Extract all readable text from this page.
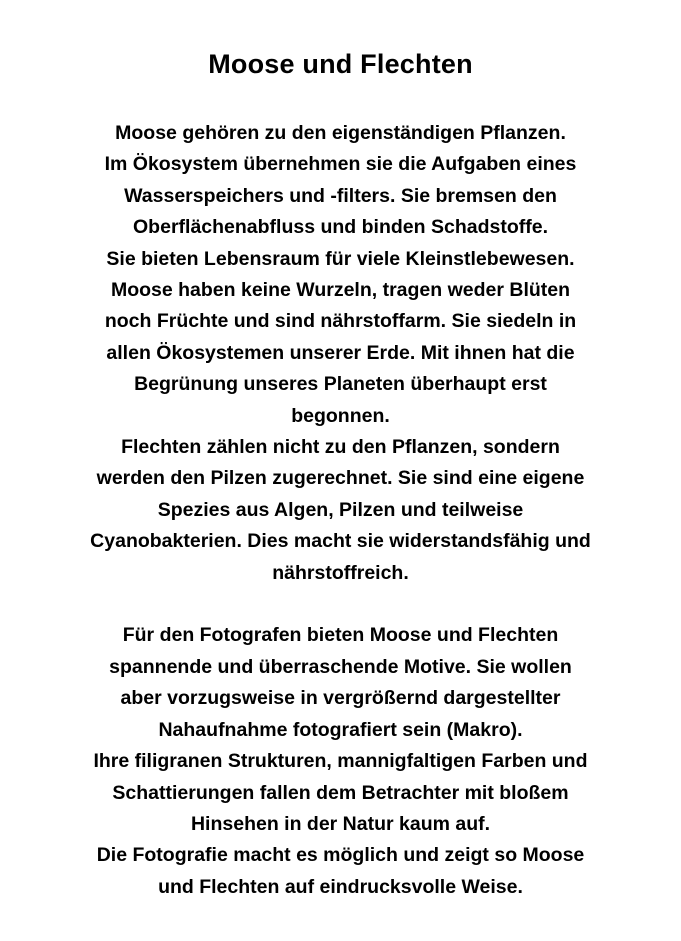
Moose und Flechten
Moose gehören zu den eigenständigen Pflanzen.
Im Ökosystem übernehmen sie die Aufgaben eines
Wasserspeichers und -filters. Sie bremsen den
Oberflächenabfluss und binden Schadstoffe.
Sie bieten Lebensraum für viele Kleinstlebewesen.
Moose haben keine Wurzeln, tragen weder Blüten
noch Früchte und sind nährstoffarm. Sie siedeln in
allen Ökosystemen unserer Erde. Mit ihnen hat die
Begrünung unseres Planeten überhaupt erst
begonnen.
Flechten zählen nicht zu den Pflanzen, sondern
werden den Pilzen zugerechnet. Sie sind eine eigene
Spezies aus Algen, Pilzen und teilweise
Cyanobakterien. Dies macht sie widerstandsfähig und
nährstoffreich.
Für den Fotografen bieten Moose und Flechten
spannende und überraschende Motive. Sie wollen
aber vorzugsweise in vergrößernd dargestellter
Nahaufnahme fotografiert sein (Makro).
Ihre filigranen Strukturen, mannigfaltigen Farben und
Schattierungen fallen dem Betrachter mit bloßem
Hinsehen in der Natur kaum auf.
Die Fotografie macht es möglich und zeigt so Moose
und Flechten auf eindrucksvolle Weise.
